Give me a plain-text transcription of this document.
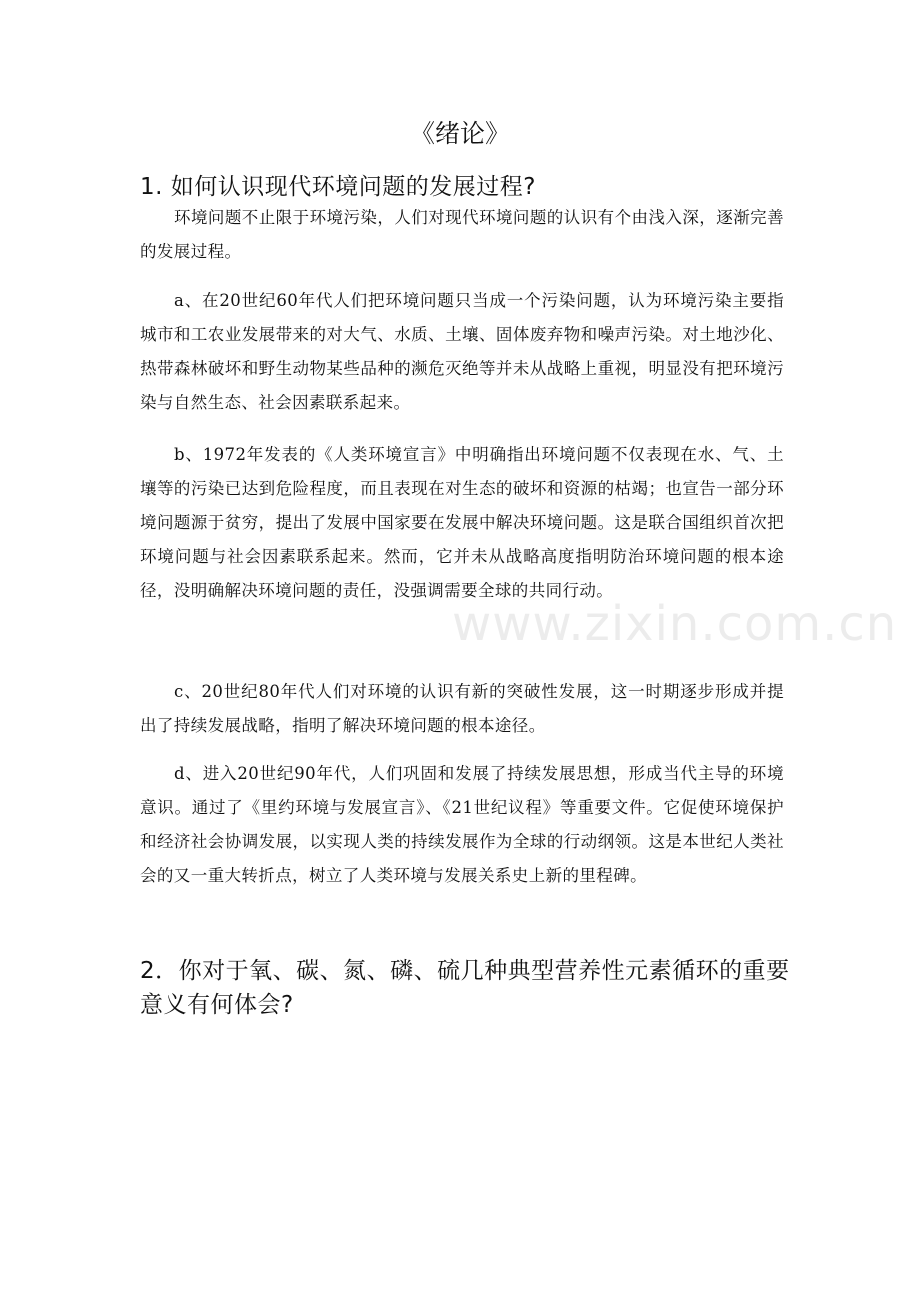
《绪论》
1. 如何认识现代环境问题的发展过程?

环境问题不止限于环境污染，人们对现代环境问题的认识有个由浅入深，逐渐完善的发展过程。

a、在20世纪60年代人们把环境问题只当成一个污染问题，认为环境污染主要指城市和工农业发展带来的对大气、水质、土壤、固体废弃物和噪声污染。对土地沙化、热带森林破坏和野生动物某些品种的濒危灭绝等并未从战略上重视，明显没有把环境污染与自然生态、社会因素联系起来。

b、1972年发表的《人类环境宣言》中明确指出环境问题不仅表现在水、气、土壤等的污染已达到危险程度，而且表现在对生态的破坏和资源的枯竭；也宣告一部分环境问题源于贫穷，提出了发展中国家要在发展中解决环境问题。这是联合国组织首次把环境问题与社会因素联系起来。然而，它并未从战略高度指明防治环境问题的根本途径，没明确解决环境问题的责任，没强调需要全球的共同行动。

c、20世纪80年代人们对环境的认识有新的突破性发展，这一时期逐步形成并提出了持续发展战略，指明了解决环境问题的根本途径。

d、进入20世纪90年代，人们巩固和发展了持续发展思想，形成当代主导的环境意识。通过了《里约环境与发展宣言》、《21世纪议程》等重要文件。它促使环境保护和经济社会协调发展，以实现人类的持续发展作为全球的行动纲领。这是本世纪人类社会的又一重大转折点，树立了人类环境与发展关系史上新的里程碑。

2．你对于氧、碳、氮、磷、硫几种典型营养性元素循环的重要意义有何体会?
www.zixin.com.cn
